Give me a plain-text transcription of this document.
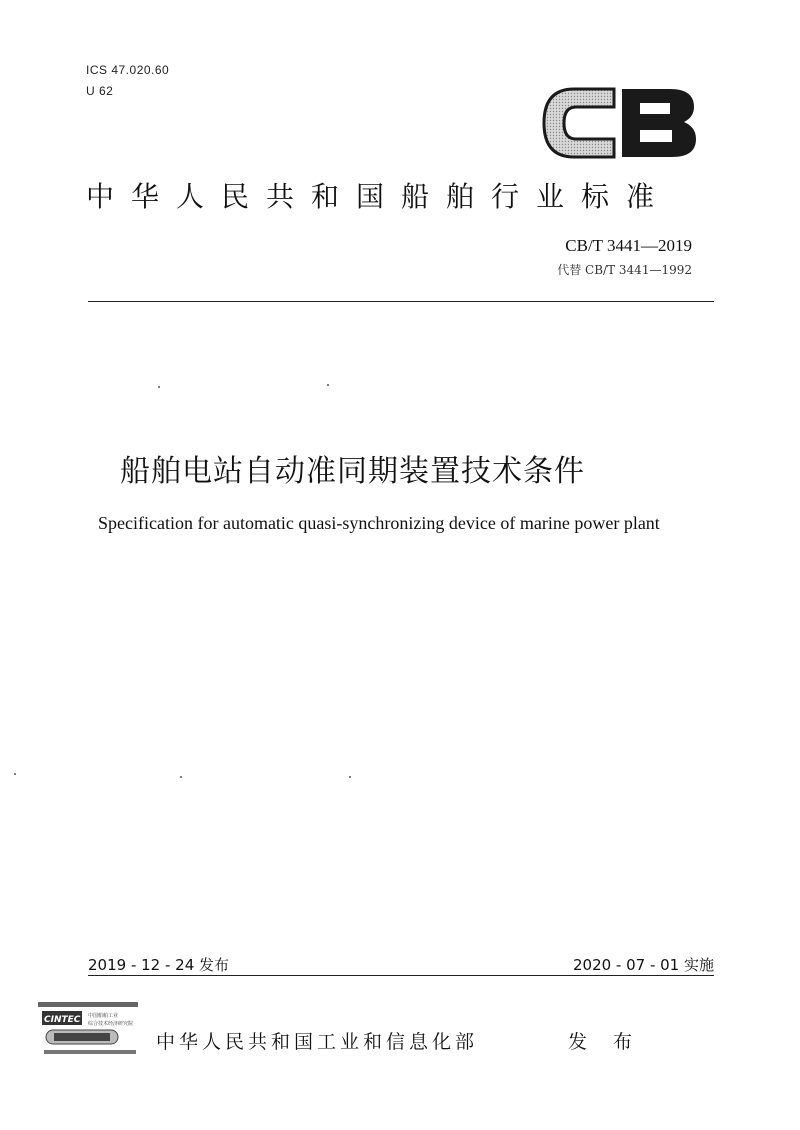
ICS 47.020.60
U 62
中华人民共和国船舶行业标准
CB/T 3441—2019
代替 CB/T 3441—1992
船舶电站自动准同期装置技术条件
Specification for automatic quasi-synchronizing device of marine power plant
2019 - 12 - 24 发布	2020 - 07 - 01 实施
CINTEC 中国船舶工业
综合技术经济研究院
中华人民共和国工业和信息化部	发 布
